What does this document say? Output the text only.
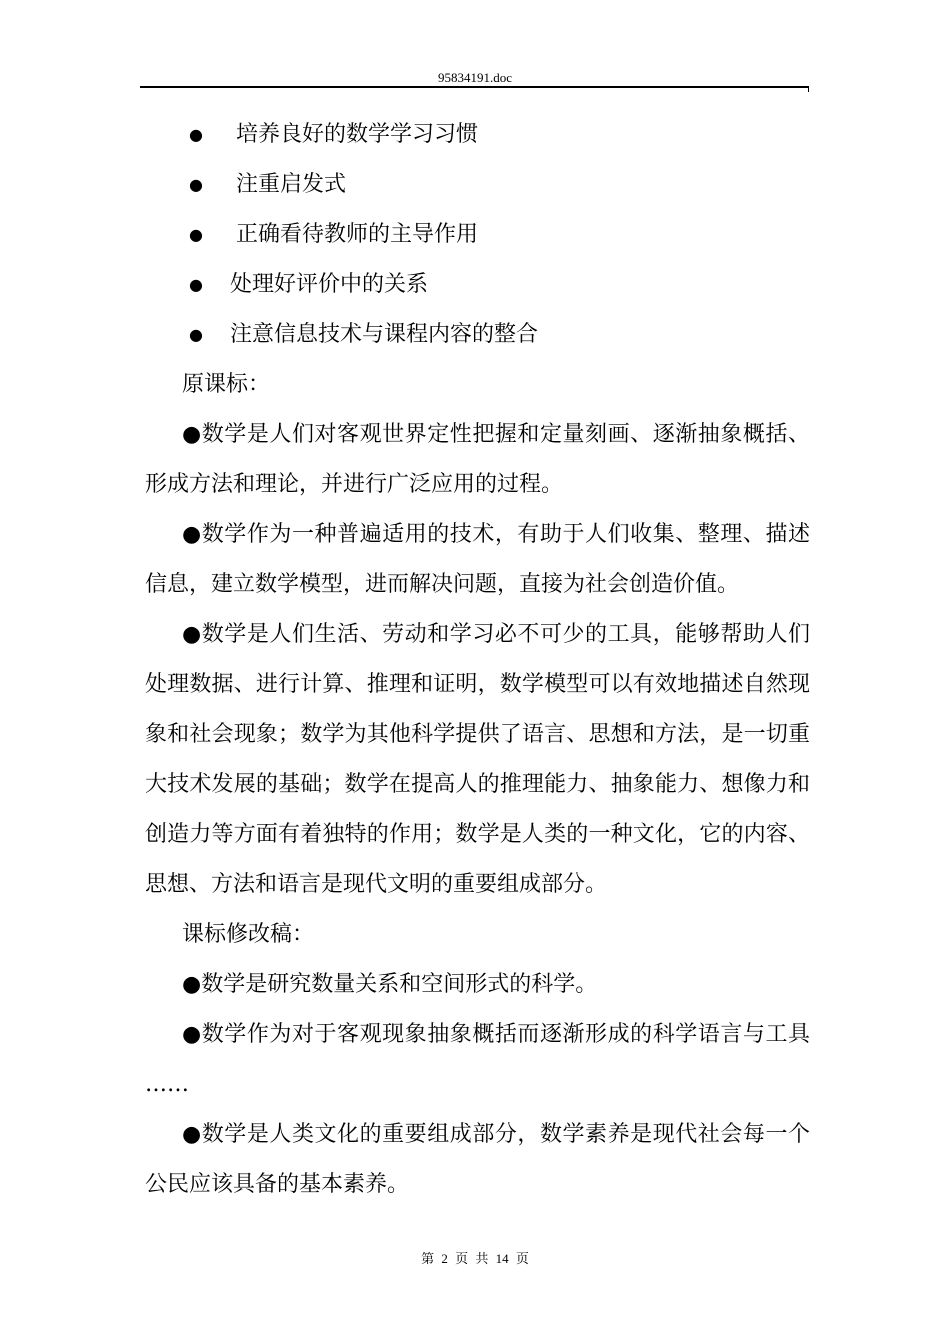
95834191.doc
● 培养良好的数学学习习惯
● 注重启发式
● 正确看待教师的主导作用
● 处理好评价中的关系
● 注意信息技术与课程内容的整合
原课标：

●数学是人们对客观世界定性把握和定量刻画、逐渐抽象概括、形成方法和理论，并进行广泛应用的过程。

●数学作为一种普遍适用的技术，有助于人们收集、整理、描述信息，建立数学模型，进而解决问题，直接为社会创造价值。

●数学是人们生活、劳动和学习必不可少的工具，能够帮助人们处理数据、进行计算、推理和证明，数学模型可以有效地描述自然现象和社会现象；数学为其他科学提供了语言、思想和方法，是一切重大技术发展的基础；数学在提高人的推理能力、抽象能力、想像力和创造力等方面有着独特的作用；数学是人类的一种文化，它的内容、思想、方法和语言是现代文明的重要组成部分。

课标修改稿：

●数学是研究数量关系和空间形式的科学。

●数学作为对于客观现象抽象概括而逐渐形成的科学语言与工具 ……

●数学是人类文化的重要组成部分，数学素养是现代社会每一个公民应该具备的基本素养。

第 2 页 共 14 页
